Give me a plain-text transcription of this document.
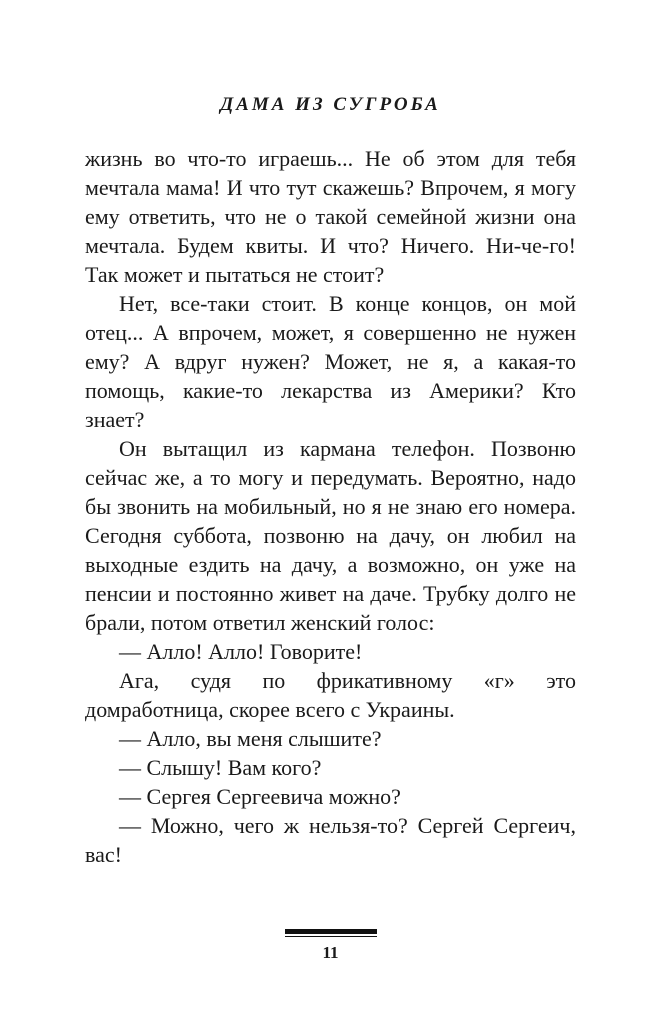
ДАМА ИЗ СУГРОБА

жизнь во что-то играешь... Не об этом для тебя мечтала мама! И что тут скажешь? Впрочем, я могу ему ответить, что не о такой семейной жизни она мечтала. Будем квиты. И что? Ничего. Ни-че-го! Так может и пытаться не стоит?

Нет, все-таки стоит. В конце концов, он мой отец... А впрочем, может, я совершенно не нужен ему? А вдруг нужен? Может, не я, а какая-то помощь, какие-то лекарства из Америки? Кто знает?

Он вытащил из кармана телефон. Позвоню сейчас же, а то могу и передумать. Вероятно, надо бы звонить на мобильный, но я не знаю его номера. Сегодня суббота, позвоню на дачу, он любил на выходные ездить на дачу, а возможно, он уже на пенсии и постоянно живет на даче. Трубку долго не брали, потом ответил женский голос:

— Алло! Алло! Говорите!

Ага, судя по фрикативному «г» это домработница, скорее всего с Украины.

— Алло, вы меня слышите?

— Слышу! Вам кого?

— Сергея Сергеевича можно?

— Можно, чего ж нельзя-то? Сергей Сергеич, вас!

11
